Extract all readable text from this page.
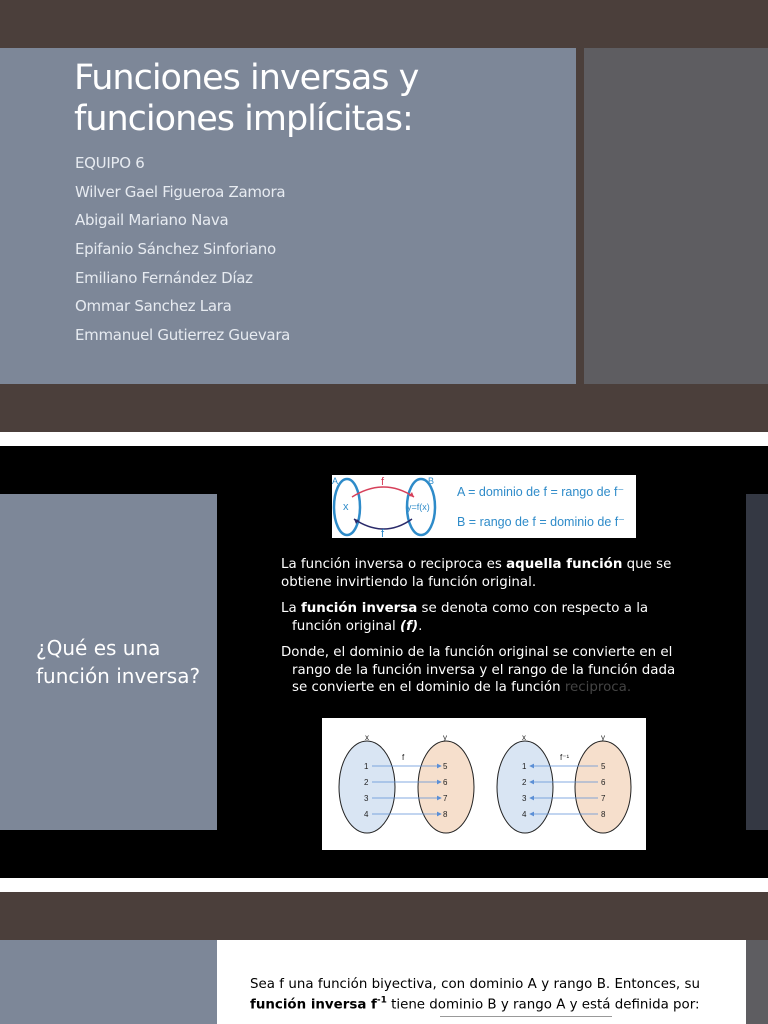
Funciones inversas y funciones implícitas:
EQUIPO 6
Wilver Gael Figueroa Zamora
Abigail Mariano Nava
Epifanio Sánchez Sinforiano
Emiliano Fernández Díaz
Ommar Sanchez Lara
Emmanuel Gutierrez Guevara
¿Qué es una función inversa?
A	B
f
f
x	y=f(x)
A = dominio de f = rango de f⁻
B = rango de f = dominio de f⁻

La función inversa o reciproca es aquella función que se obtiene invirtiendo la función original.

La función inversa se denota como con respecto a la función original (f).

Donde, el dominio de la función original se convierte en el rango de la función inversa y el rango de la función dada se convierte en el dominio de la función reciproca.

x	y
f
1
2
3
4
5
6
7
8
x	y
f⁻¹
1
2
3
4
5
6
7
8

Sea f una función biyectiva, con dominio A y rango B. Entonces, su función inversa $f^{-1}$ tiene dominio B y rango A y está definida por:
